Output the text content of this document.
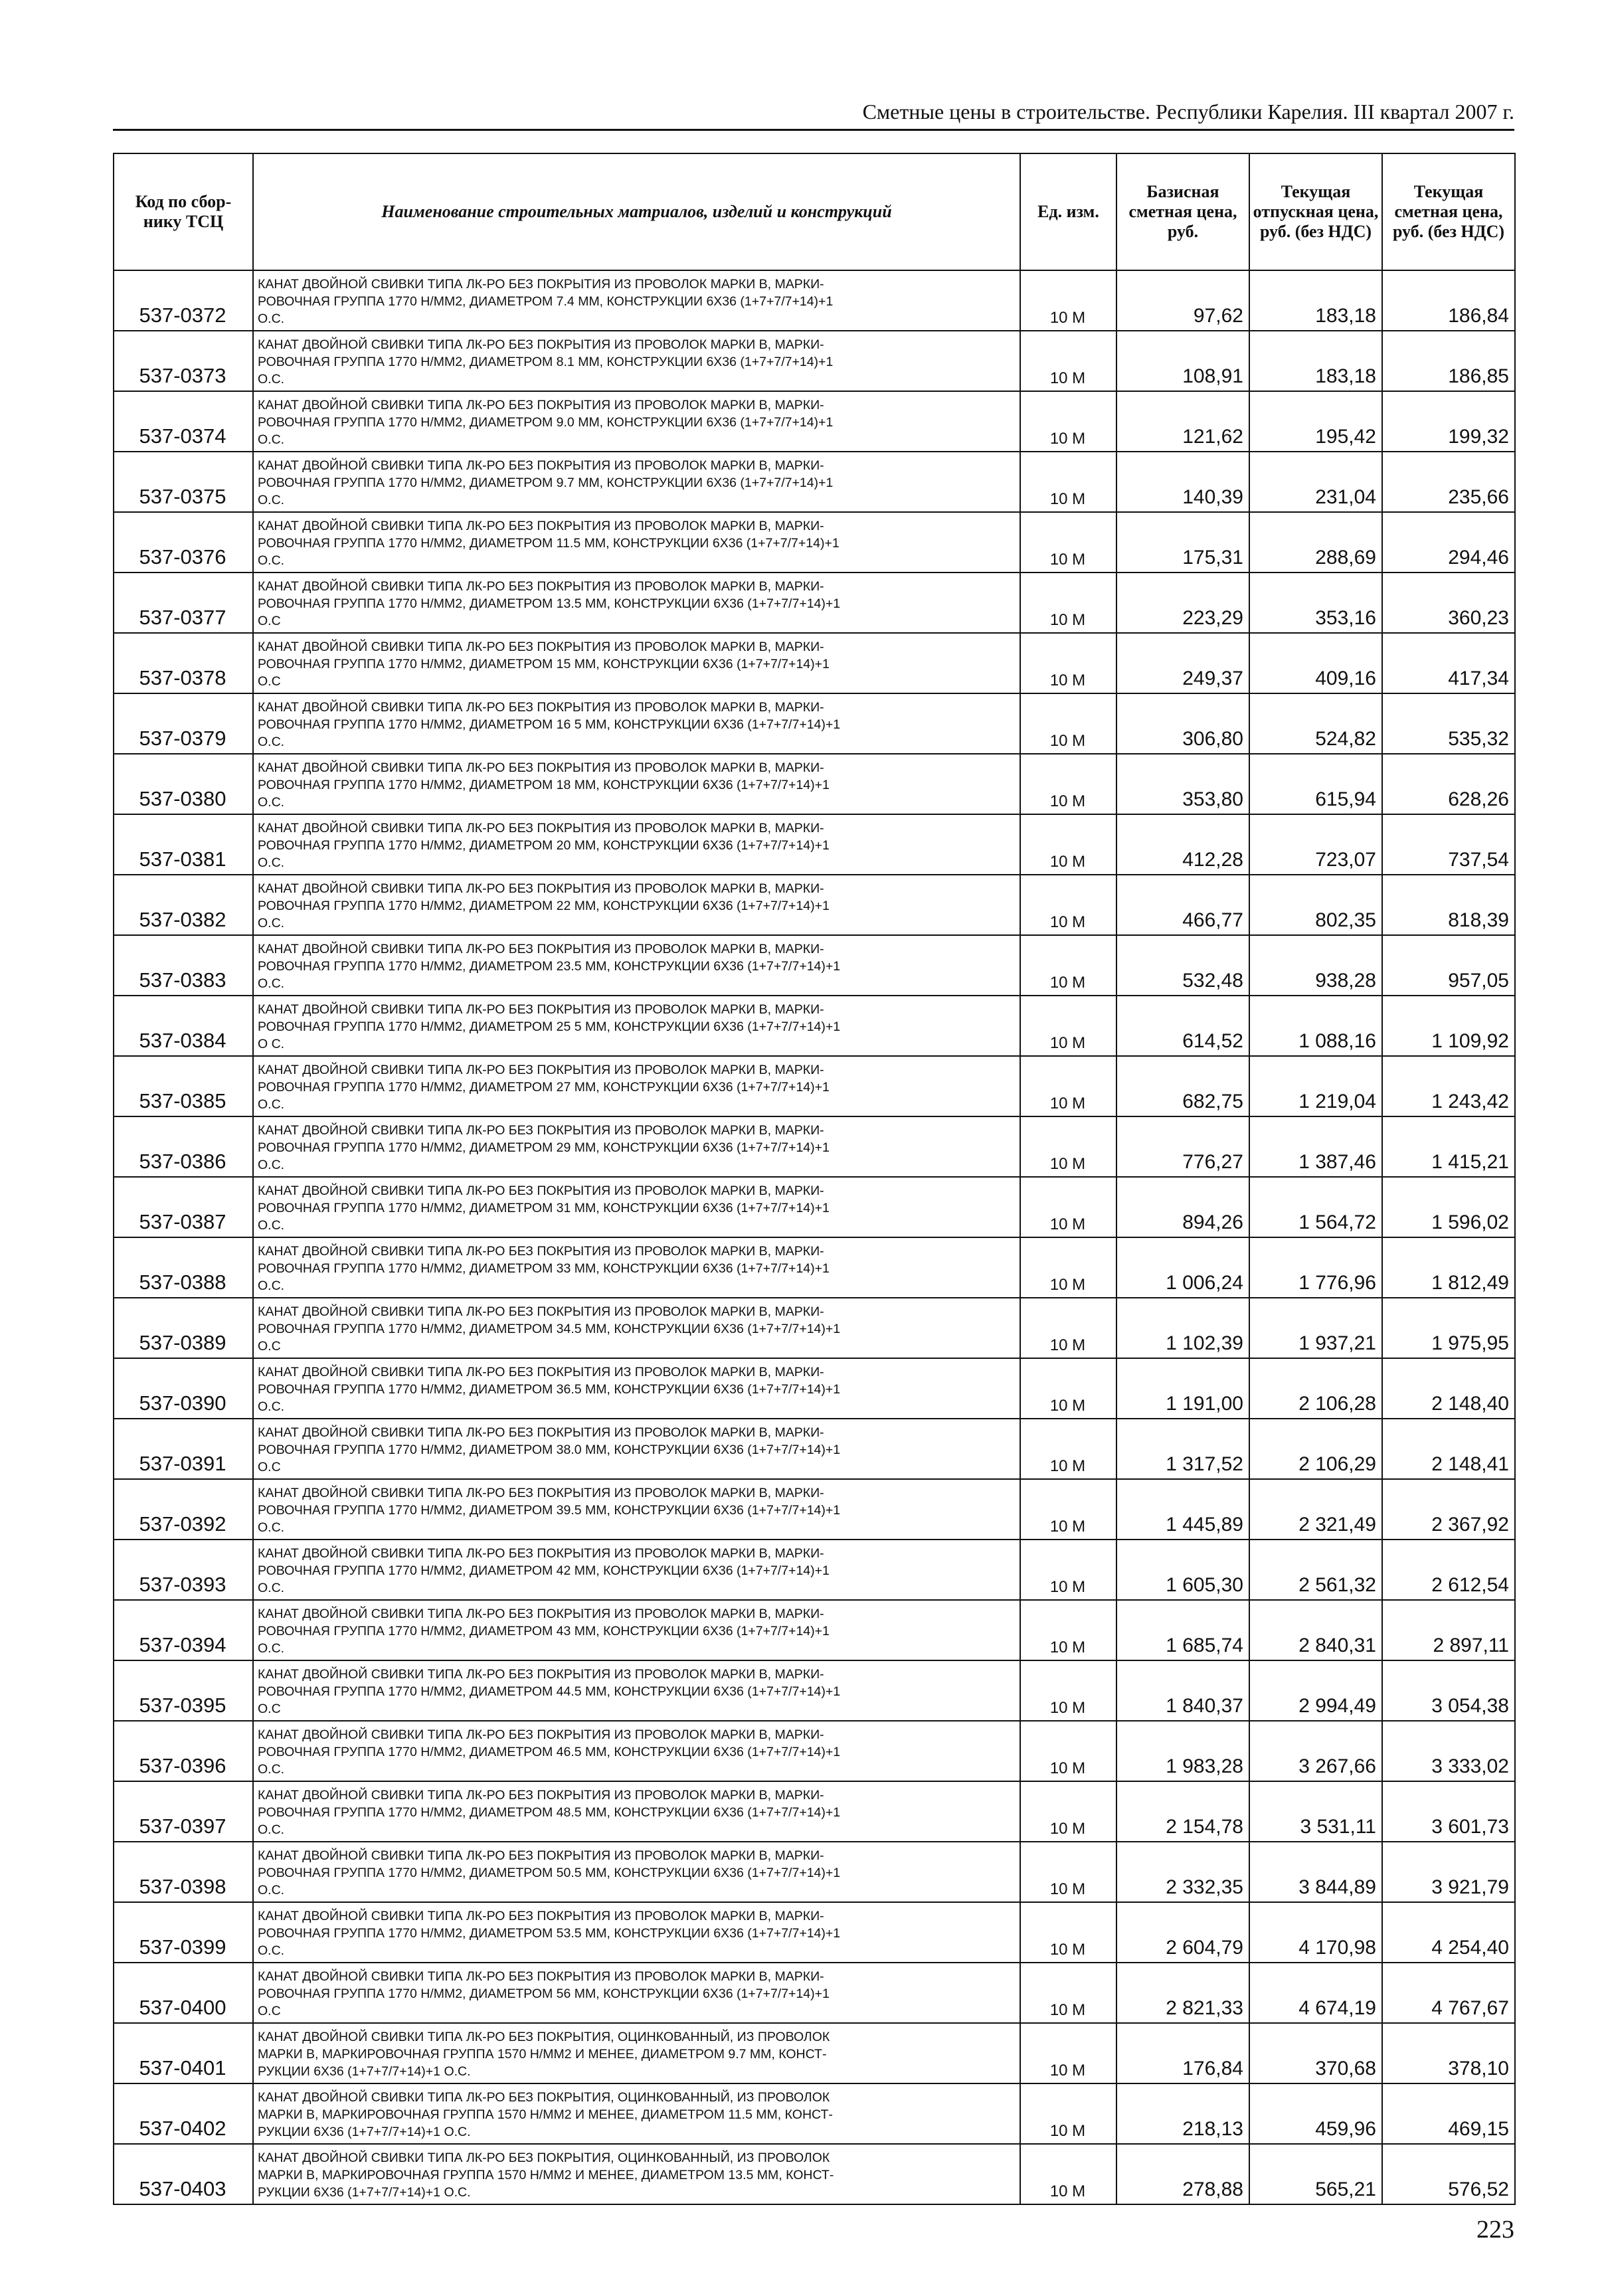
Сметные цены в строительстве. Республики Карелия. III квартал 2007 г.
Код по сбор-нику ТСЦ	Наименование строительных матриалов, изделий и конструкций	Ед. изм.	Базисная сметная цена, руб.	Текущая отпускная цена, руб. (без НДС)	Текущая сметная цена, руб. (без НДС)
537-0372	КАНАТ ДВОЙНОЙ СВИВКИ ТИПА ЛК-РО БЕЗ ПОКРЫТИЯ ИЗ ПРОВОЛОК МАРКИ В, МАРКИ-
РОВОЧНАЯ ГРУППА 1770 Н/ММ2, ДИАМЕТРОМ 7.4 ММ, КОНСТРУКЦИИ 6Х36 (1+7+7/7+14)+1
О.С.	10 М	97,62	183,18	186,84
537-0373	КАНАТ ДВОЙНОЙ СВИВКИ ТИПА ЛК-РО БЕЗ ПОКРЫТИЯ ИЗ ПРОВОЛОК МАРКИ В, МАРКИ-
РОВОЧНАЯ ГРУППА 1770 Н/ММ2, ДИАМЕТРОМ 8.1 ММ, КОНСТРУКЦИИ 6Х36 (1+7+7/7+14)+1
О.С.	10 М	108,91	183,18	186,85
537-0374	КАНАТ ДВОЙНОЙ СВИВКИ ТИПА ЛК-РО БЕЗ ПОКРЫТИЯ ИЗ ПРОВОЛОК МАРКИ В, МАРКИ-
РОВОЧНАЯ ГРУППА 1770 Н/ММ2, ДИАМЕТРОМ 9.0 ММ, КОНСТРУКЦИИ 6Х36 (1+7+7/7+14)+1
О.С.	10 М	121,62	195,42	199,32
537-0375	КАНАТ ДВОЙНОЙ СВИВКИ ТИПА ЛК-РО БЕЗ ПОКРЫТИЯ ИЗ ПРОВОЛОК МАРКИ В, МАРКИ-
РОВОЧНАЯ ГРУППА 1770 Н/ММ2, ДИАМЕТРОМ 9.7 ММ, КОНСТРУКЦИИ 6Х36 (1+7+7/7+14)+1
О.С.	10 М	140,39	231,04	235,66
537-0376	КАНАТ ДВОЙНОЙ СВИВКИ ТИПА ЛК-РО БЕЗ ПОКРЫТИЯ ИЗ ПРОВОЛОК МАРКИ В, МАРКИ-
РОВОЧНАЯ ГРУППА 1770 Н/ММ2, ДИАМЕТРОМ 11.5 ММ, КОНСТРУКЦИИ 6Х36 (1+7+7/7+14)+1
О.С.	10 М	175,31	288,69	294,46
537-0377	КАНАТ ДВОЙНОЙ СВИВКИ ТИПА ЛК-РО БЕЗ ПОКРЫТИЯ ИЗ ПРОВОЛОК МАРКИ В, МАРКИ-
РОВОЧНАЯ ГРУППА 1770 Н/ММ2, ДИАМЕТРОМ 13.5 ММ, КОНСТРУКЦИИ 6Х36 (1+7+7/7+14)+1
О.С	10 М	223,29	353,16	360,23
537-0378	КАНАТ ДВОЙНОЙ СВИВКИ ТИПА ЛК-РО БЕЗ ПОКРЫТИЯ ИЗ ПРОВОЛОК МАРКИ В, МАРКИ-
РОВОЧНАЯ ГРУППА 1770 Н/ММ2, ДИАМЕТРОМ 15 ММ, КОНСТРУКЦИИ 6Х36 (1+7+7/7+14)+1
О.С	10 М	249,37	409,16	417,34
537-0379	КАНАТ ДВОЙНОЙ СВИВКИ ТИПА ЛК-РО БЕЗ ПОКРЫТИЯ ИЗ ПРОВОЛОК МАРКИ В, МАРКИ-
РОВОЧНАЯ ГРУППА 1770 Н/ММ2, ДИАМЕТРОМ 16 5 ММ, КОНСТРУКЦИИ 6Х36 (1+7+7/7+14)+1
О.С.	10 М	306,80	524,82	535,32
537-0380	КАНАТ ДВОЙНОЙ СВИВКИ ТИПА ЛК-РО БЕЗ ПОКРЫТИЯ ИЗ ПРОВОЛОК МАРКИ В, МАРКИ-
РОВОЧНАЯ ГРУППА 1770 Н/ММ2, ДИАМЕТРОМ 18 ММ, КОНСТРУКЦИИ 6Х36 (1+7+7/7+14)+1
О.С.	10 М	353,80	615,94	628,26
537-0381	КАНАТ ДВОЙНОЙ СВИВКИ ТИПА ЛК-РО БЕЗ ПОКРЫТИЯ ИЗ ПРОВОЛОК МАРКИ В, МАРКИ-
РОВОЧНАЯ ГРУППА 1770 Н/ММ2, ДИАМЕТРОМ 20 ММ, КОНСТРУКЦИИ 6Х36 (1+7+7/7+14)+1
О.С.	10 М	412,28	723,07	737,54
537-0382	КАНАТ ДВОЙНОЙ СВИВКИ ТИПА ЛК-РО БЕЗ ПОКРЫТИЯ ИЗ ПРОВОЛОК МАРКИ В, МАРКИ-
РОВОЧНАЯ ГРУППА 1770 Н/ММ2, ДИАМЕТРОМ 22 ММ, КОНСТРУКЦИИ 6Х36 (1+7+7/7+14)+1
О.С.	10 М	466,77	802,35	818,39
537-0383	КАНАТ ДВОЙНОЙ СВИВКИ ТИПА ЛК-РО БЕЗ ПОКРЫТИЯ ИЗ ПРОВОЛОК МАРКИ В, МАРКИ-
РОВОЧНАЯ ГРУППА 1770 Н/ММ2, ДИАМЕТРОМ 23.5 ММ, КОНСТРУКЦИИ 6Х36 (1+7+7/7+14)+1
О.С.	10 М	532,48	938,28	957,05
537-0384	КАНАТ ДВОЙНОЙ СВИВКИ ТИПА ЛК-РО БЕЗ ПОКРЫТИЯ ИЗ ПРОВОЛОК МАРКИ В, МАРКИ-
РОВОЧНАЯ ГРУППА 1770 Н/ММ2, ДИАМЕТРОМ 25 5 ММ, КОНСТРУКЦИИ 6Х36 (1+7+7/7+14)+1
О С.	10 М	614,52	1 088,16	1 109,92
537-0385	КАНАТ ДВОЙНОЙ СВИВКИ ТИПА ЛК-РО БЕЗ ПОКРЫТИЯ ИЗ ПРОВОЛОК МАРКИ В, МАРКИ-
РОВОЧНАЯ ГРУППА 1770 Н/ММ2, ДИАМЕТРОМ 27 ММ, КОНСТРУКЦИИ 6Х36 (1+7+7/7+14)+1
О.С.	10 М	682,75	1 219,04	1 243,42
537-0386	КАНАТ ДВОЙНОЙ СВИВКИ ТИПА ЛК-РО БЕЗ ПОКРЫТИЯ ИЗ ПРОВОЛОК МАРКИ В, МАРКИ-
РОВОЧНАЯ ГРУППА 1770 Н/ММ2, ДИАМЕТРОМ 29 ММ, КОНСТРУКЦИИ 6Х36 (1+7+7/7+14)+1
О.С.	10 М	776,27	1 387,46	1 415,21
537-0387	КАНАТ ДВОЙНОЙ СВИВКИ ТИПА ЛК-РО БЕЗ ПОКРЫТИЯ ИЗ ПРОВОЛОК МАРКИ В, МАРКИ-
РОВОЧНАЯ ГРУППА 1770 Н/ММ2, ДИАМЕТРОМ 31 ММ, КОНСТРУКЦИИ 6Х36 (1+7+7/7+14)+1
О.С.	10 М	894,26	1 564,72	1 596,02
537-0388	КАНАТ ДВОЙНОЙ СВИВКИ ТИПА ЛК-РО БЕЗ ПОКРЫТИЯ ИЗ ПРОВОЛОК МАРКИ В, МАРКИ-
РОВОЧНАЯ ГРУППА 1770 Н/ММ2, ДИАМЕТРОМ 33 ММ, КОНСТРУКЦИИ 6Х36 (1+7+7/7+14)+1
О.С.	10 М	1 006,24	1 776,96	1 812,49
537-0389	КАНАТ ДВОЙНОЙ СВИВКИ ТИПА ЛК-РО БЕЗ ПОКРЫТИЯ ИЗ ПРОВОЛОК МАРКИ В, МАРКИ-
РОВОЧНАЯ ГРУППА 1770 Н/ММ2, ДИАМЕТРОМ 34.5 ММ, КОНСТРУКЦИИ 6Х36 (1+7+7/7+14)+1
О.С	10 М	1 102,39	1 937,21	1 975,95
537-0390	КАНАТ ДВОЙНОЙ СВИВКИ ТИПА ЛК-РО БЕЗ ПОКРЫТИЯ ИЗ ПРОВОЛОК МАРКИ В, МАРКИ-
РОВОЧНАЯ ГРУППА 1770 Н/ММ2, ДИАМЕТРОМ 36.5 ММ, КОНСТРУКЦИИ 6Х36 (1+7+7/7+14)+1
О.С.	10 М	1 191,00	2 106,28	2 148,40
537-0391	КАНАТ ДВОЙНОЙ СВИВКИ ТИПА ЛК-РО БЕЗ ПОКРЫТИЯ ИЗ ПРОВОЛОК МАРКИ В, МАРКИ-
РОВОЧНАЯ ГРУППА 1770 Н/ММ2, ДИАМЕТРОМ 38.0 ММ, КОНСТРУКЦИИ 6Х36 (1+7+7/7+14)+1
О.С	10 М	1 317,52	2 106,29	2 148,41
537-0392	КАНАТ ДВОЙНОЙ СВИВКИ ТИПА ЛК-РО БЕЗ ПОКРЫТИЯ ИЗ ПРОВОЛОК МАРКИ В, МАРКИ-
РОВОЧНАЯ ГРУППА 1770 Н/ММ2, ДИАМЕТРОМ 39.5 ММ, КОНСТРУКЦИИ 6Х36 (1+7+7/7+14)+1
О.С.	10 М	1 445,89	2 321,49	2 367,92
537-0393	КАНАТ ДВОЙНОЙ СВИВКИ ТИПА ЛК-РО БЕЗ ПОКРЫТИЯ ИЗ ПРОВОЛОК МАРКИ В, МАРКИ-
РОВОЧНАЯ ГРУППА 1770 Н/ММ2, ДИАМЕТРОМ 42 ММ, КОНСТРУКЦИИ 6Х36 (1+7+7/7+14)+1
О.С.	10 М	1 605,30	2 561,32	2 612,54
537-0394	КАНАТ ДВОЙНОЙ СВИВКИ ТИПА ЛК-РО БЕЗ ПОКРЫТИЯ ИЗ ПРОВОЛОК МАРКИ В, МАРКИ-
РОВОЧНАЯ ГРУППА 1770 Н/ММ2, ДИАМЕТРОМ 43 ММ, КОНСТРУКЦИИ 6Х36 (1+7+7/7+14)+1
О.С.	10 М	1 685,74	2 840,31	2 897,11
537-0395	КАНАТ ДВОЙНОЙ СВИВКИ ТИПА ЛК-РО БЕЗ ПОКРЫТИЯ ИЗ ПРОВОЛОК МАРКИ В, МАРКИ-
РОВОЧНАЯ ГРУППА 1770 Н/ММ2, ДИАМЕТРОМ 44.5 ММ, КОНСТРУКЦИИ 6Х36 (1+7+7/7+14)+1
О.С	10 М	1 840,37	2 994,49	3 054,38
537-0396	КАНАТ ДВОЙНОЙ СВИВКИ ТИПА ЛК-РО БЕЗ ПОКРЫТИЯ ИЗ ПРОВОЛОК МАРКИ В, МАРКИ-
РОВОЧНАЯ ГРУППА 1770 Н/ММ2, ДИАМЕТРОМ 46.5 ММ, КОНСТРУКЦИИ 6Х36 (1+7+7/7+14)+1
О.С.	10 М	1 983,28	3 267,66	3 333,02
537-0397	КАНАТ ДВОЙНОЙ СВИВКИ ТИПА ЛК-РО БЕЗ ПОКРЫТИЯ ИЗ ПРОВОЛОК МАРКИ В, МАРКИ-
РОВОЧНАЯ ГРУППА 1770 Н/ММ2, ДИАМЕТРОМ 48.5 ММ, КОНСТРУКЦИИ 6Х36 (1+7+7/7+14)+1
О.С.	10 М	2 154,78	3 531,11	3 601,73
537-0398	КАНАТ ДВОЙНОЙ СВИВКИ ТИПА ЛК-РО БЕЗ ПОКРЫТИЯ ИЗ ПРОВОЛОК МАРКИ В, МАРКИ-
РОВОЧНАЯ ГРУППА 1770 Н/ММ2, ДИАМЕТРОМ 50.5 ММ, КОНСТРУКЦИИ 6Х36 (1+7+7/7+14)+1
О.С.	10 М	2 332,35	3 844,89	3 921,79
537-0399	КАНАТ ДВОЙНОЙ СВИВКИ ТИПА ЛК-РО БЕЗ ПОКРЫТИЯ ИЗ ПРОВОЛОК МАРКИ В, МАРКИ-
РОВОЧНАЯ ГРУППА 1770 Н/ММ2, ДИАМЕТРОМ 53.5 ММ, КОНСТРУКЦИИ 6Х36 (1+7+7/7+14)+1
О.С.	10 М	2 604,79	4 170,98	4 254,40
537-0400	КАНАТ ДВОЙНОЙ СВИВКИ ТИПА ЛК-РО БЕЗ ПОКРЫТИЯ ИЗ ПРОВОЛОК МАРКИ В, МАРКИ-
РОВОЧНАЯ ГРУППА 1770 Н/ММ2, ДИАМЕТРОМ 56 ММ, КОНСТРУКЦИИ 6Х36 (1+7+7/7+14)+1
О.С	10 М	2 821,33	4 674,19	4 767,67
537-0401	КАНАТ ДВОЙНОЙ СВИВКИ ТИПА ЛК-РО БЕЗ ПОКРЫТИЯ, ОЦИНКОВАННЫЙ, ИЗ ПРОВОЛОК
МАРКИ В, МАРКИРОВОЧНАЯ ГРУППА 1570 Н/ММ2 И МЕНЕЕ, ДИАМЕТРОМ 9.7 ММ, КОНСТ-
РУКЦИИ 6Х36 (1+7+7/7+14)+1 О.С.	10 М	176,84	370,68	378,10
537-0402	КАНАТ ДВОЙНОЙ СВИВКИ ТИПА ЛК-РО БЕЗ ПОКРЫТИЯ, ОЦИНКОВАННЫЙ, ИЗ ПРОВОЛОК
МАРКИ В, МАРКИРОВОЧНАЯ ГРУППА 1570 Н/ММ2 И МЕНЕЕ, ДИАМЕТРОМ 11.5 ММ, КОНСТ-
РУКЦИИ 6Х36 (1+7+7/7+14)+1 О.С.	10 М	218,13	459,96	469,15
537-0403	КАНАТ ДВОЙНОЙ СВИВКИ ТИПА ЛК-РО БЕЗ ПОКРЫТИЯ, ОЦИНКОВАННЫЙ, ИЗ ПРОВОЛОК
МАРКИ В, МАРКИРОВОЧНАЯ ГРУППА 1570 Н/ММ2 И МЕНЕЕ, ДИАМЕТРОМ 13.5 ММ, КОНСТ-
РУКЦИИ 6Х36 (1+7+7/7+14)+1 О.С.	10 М	278,88	565,21	576,52
223
